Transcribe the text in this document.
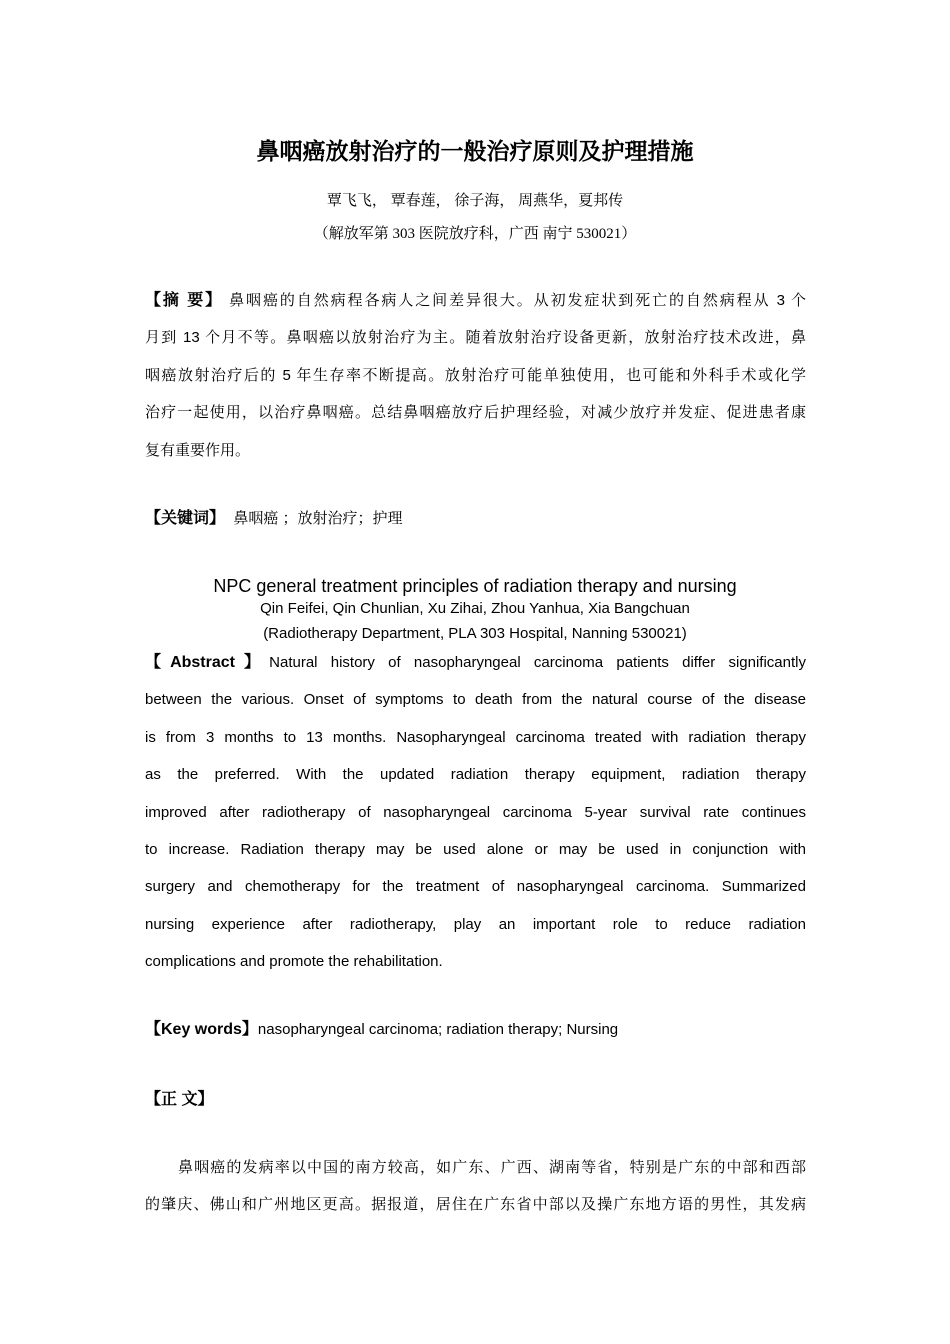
鼻咽癌放射治疗的一般治疗原则及护理措施
覃飞飞， 覃春莲， 徐子海， 周燕华，夏邦传
（解放军第 303 医院放疗科，广西 南宁 530021）
【摘 要】 鼻咽癌的自然病程各病人之间差异很大。从初发症状到死亡的自然病程从 3 个
月到 13 个月不等。鼻咽癌以放射治疗为主。随着放射治疗设备更新，放射治疗技术改进，鼻
咽癌放射治疗后的 5 年生存率不断提高。放射治疗可能单独使用，也可能和外科手术或化学
治疗一起使用，以治疗鼻咽癌。总结鼻咽癌放疗后护理经验，对减少放疗并发症、促进患者康
复有重要作用。
【关键词】 鼻咽癌 ；放射治疗；护理
NPC general treatment principles of radiation therapy and nursing
Qin Feifei, Qin Chunlian, Xu Zihai, Zhou Yanhua, Xia Bangchuan
(Radiotherapy Department, PLA 303 Hospital, Nanning 530021)
【Abstract】Natural history of nasopharyngeal carcinoma patients differ significantly
between the various. Onset of symptoms to death from the natural course of the disease
is from 3 months to 13 months. Nasopharyngeal carcinoma treated with radiation therapy
as the preferred. With the updated radiation therapy equipment, radiation therapy
improved after radiotherapy of nasopharyngeal carcinoma 5-year survival rate continues
to increase. Radiation therapy may be used alone or may be used in conjunction with
surgery and chemotherapy for the treatment of nasopharyngeal carcinoma. Summarized
nursing experience after radiotherapy, play an important role to reduce radiation
complications and promote the rehabilitation.
【Key words】nasopharyngeal carcinoma; radiation therapy; Nursing
【正 文】
鼻咽癌的发病率以中国的南方较高，如广东、广西、湖南等省，特别是广东的中部和西部
的肇庆、佛山和广州地区更高。据报道，居住在广东省中部以及操广东地方语的男性，其发病
